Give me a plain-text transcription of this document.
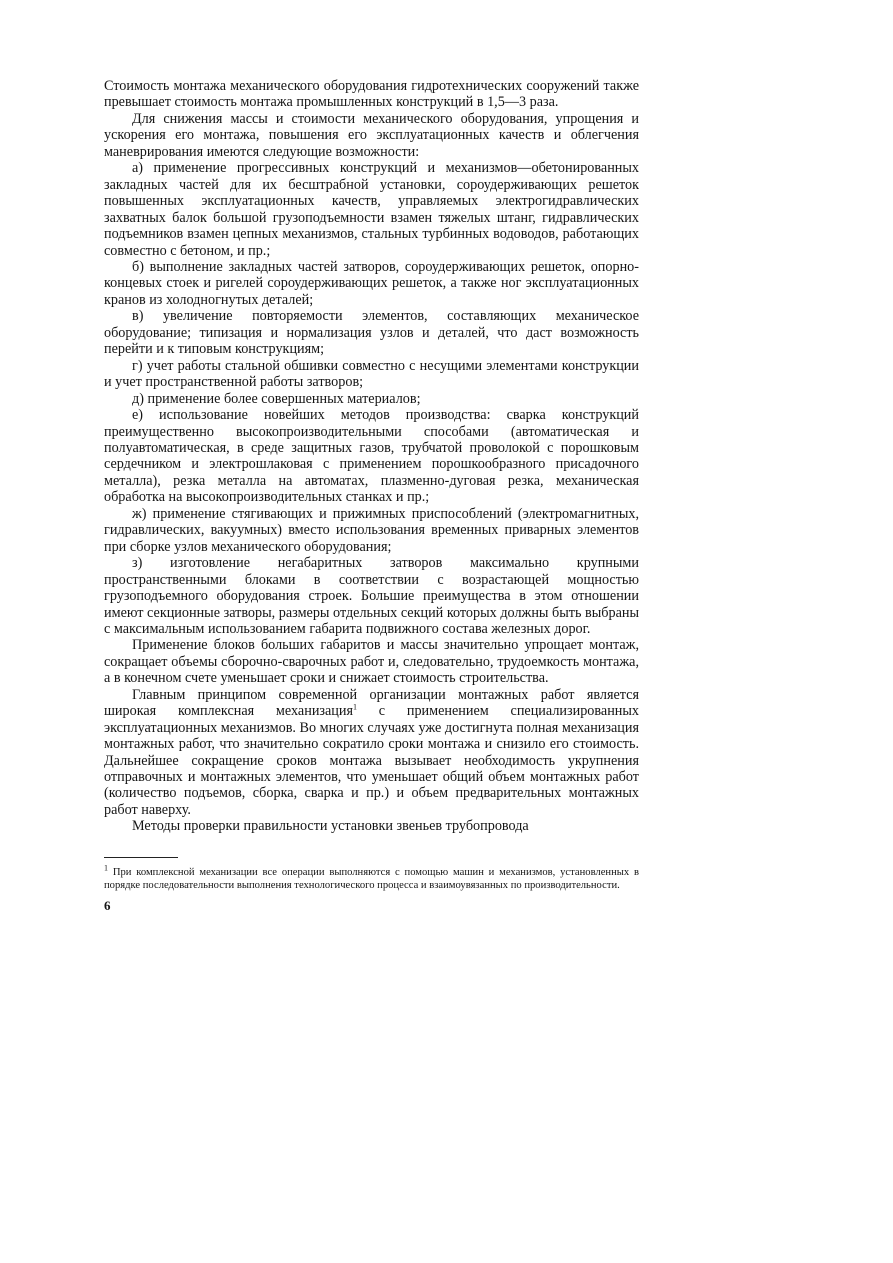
Стоимость монтажа механического оборудования гидротехнических сооружений также превышает стоимость монтажа промышленных конструкций в 1,5—3 раза.

Для снижения массы и стоимости механического оборудования, упрощения и ускорения его монтажа, повышения его эксплуатационных качеств и облегчения маневрирования имеются следующие возможности:

а) применение прогрессивных конструкций и механизмов—обетонированных закладных частей для их бесштрабной установки, сороудерживающих решеток повышенных эксплуатационных качеств, управляемых электрогидравлических захватных балок большой грузоподъемности взамен тяжелых штанг, гидравлических подъемников взамен цепных механизмов, стальных турбинных водоводов, работающих совместно с бетоном, и пр.;

б) выполнение закладных частей затворов, сороудерживающих решеток, опорно-концевых стоек и ригелей сороудерживающих решеток, а также ног эксплуатационных кранов из холодногнутых деталей;

в) увеличение повторяемости элементов, составляющих механическое оборудование; типизация и нормализация узлов и деталей, что даст возможность перейти и к типовым конструкциям;

г) учет работы стальной обшивки совместно с несущими элементами конструкции и учет пространственной работы затворов;

д) применение более совершенных материалов;

е) использование новейших методов производства: сварка конструкций преимущественно высокопроизводительными способами (автоматическая и полуавтоматическая, в среде защитных газов, трубчатой проволокой с порошковым сердечником и электрошлаковая с применением порошкообразного присадочного металла), резка металла на автоматах, плазменно-дуговая резка, механическая обработка на высокопроизводительных станках и пр.;

ж) применение стягивающих и прижимных приспособлений (электромагнитных, гидравлических, вакуумных) вместо использования временных приварных элементов при сборке узлов механического оборудования;

з) изготовление негабаритных затворов максимально крупными пространственными блоками в соответствии с возрастающей мощностью грузоподъемного оборудования строек. Большие преимущества в этом отношении имеют секционные затворы, размеры отдельных секций которых должны быть выбраны с максимальным использованием габарита подвижного состава железных дорог.

Применение блоков больших габаритов и массы значительно упрощает монтаж, сокращает объемы сборочно-сварочных работ и, следовательно, трудоемкость монтажа, а в конечном счете уменьшает сроки и снижает стоимость строительства.

Главным принципом современной организации монтажных работ является широкая комплексная механизация$^1$ с применением специализированных эксплуатационных механизмов. Во многих случаях уже достигнута полная механизация монтажных работ, что значительно сократило сроки монтажа и снизило его стоимость. Дальнейшее сокращение сроков монтажа вызывает необходимость укрупнения отправочных и монтажных элементов, что уменьшает общий объем монтажных работ (количество подъемов, сборка, сварка и пр.) и объем предварительных монтажных работ наверху.

Методы проверки правильности установки звеньев трубопровода

$^1$ При комплексной механизации все операции выполняются с помощью машин и механизмов, установленных в порядке последовательности выполнения технологического процесса и взаимоувязанных по производительности.

6
